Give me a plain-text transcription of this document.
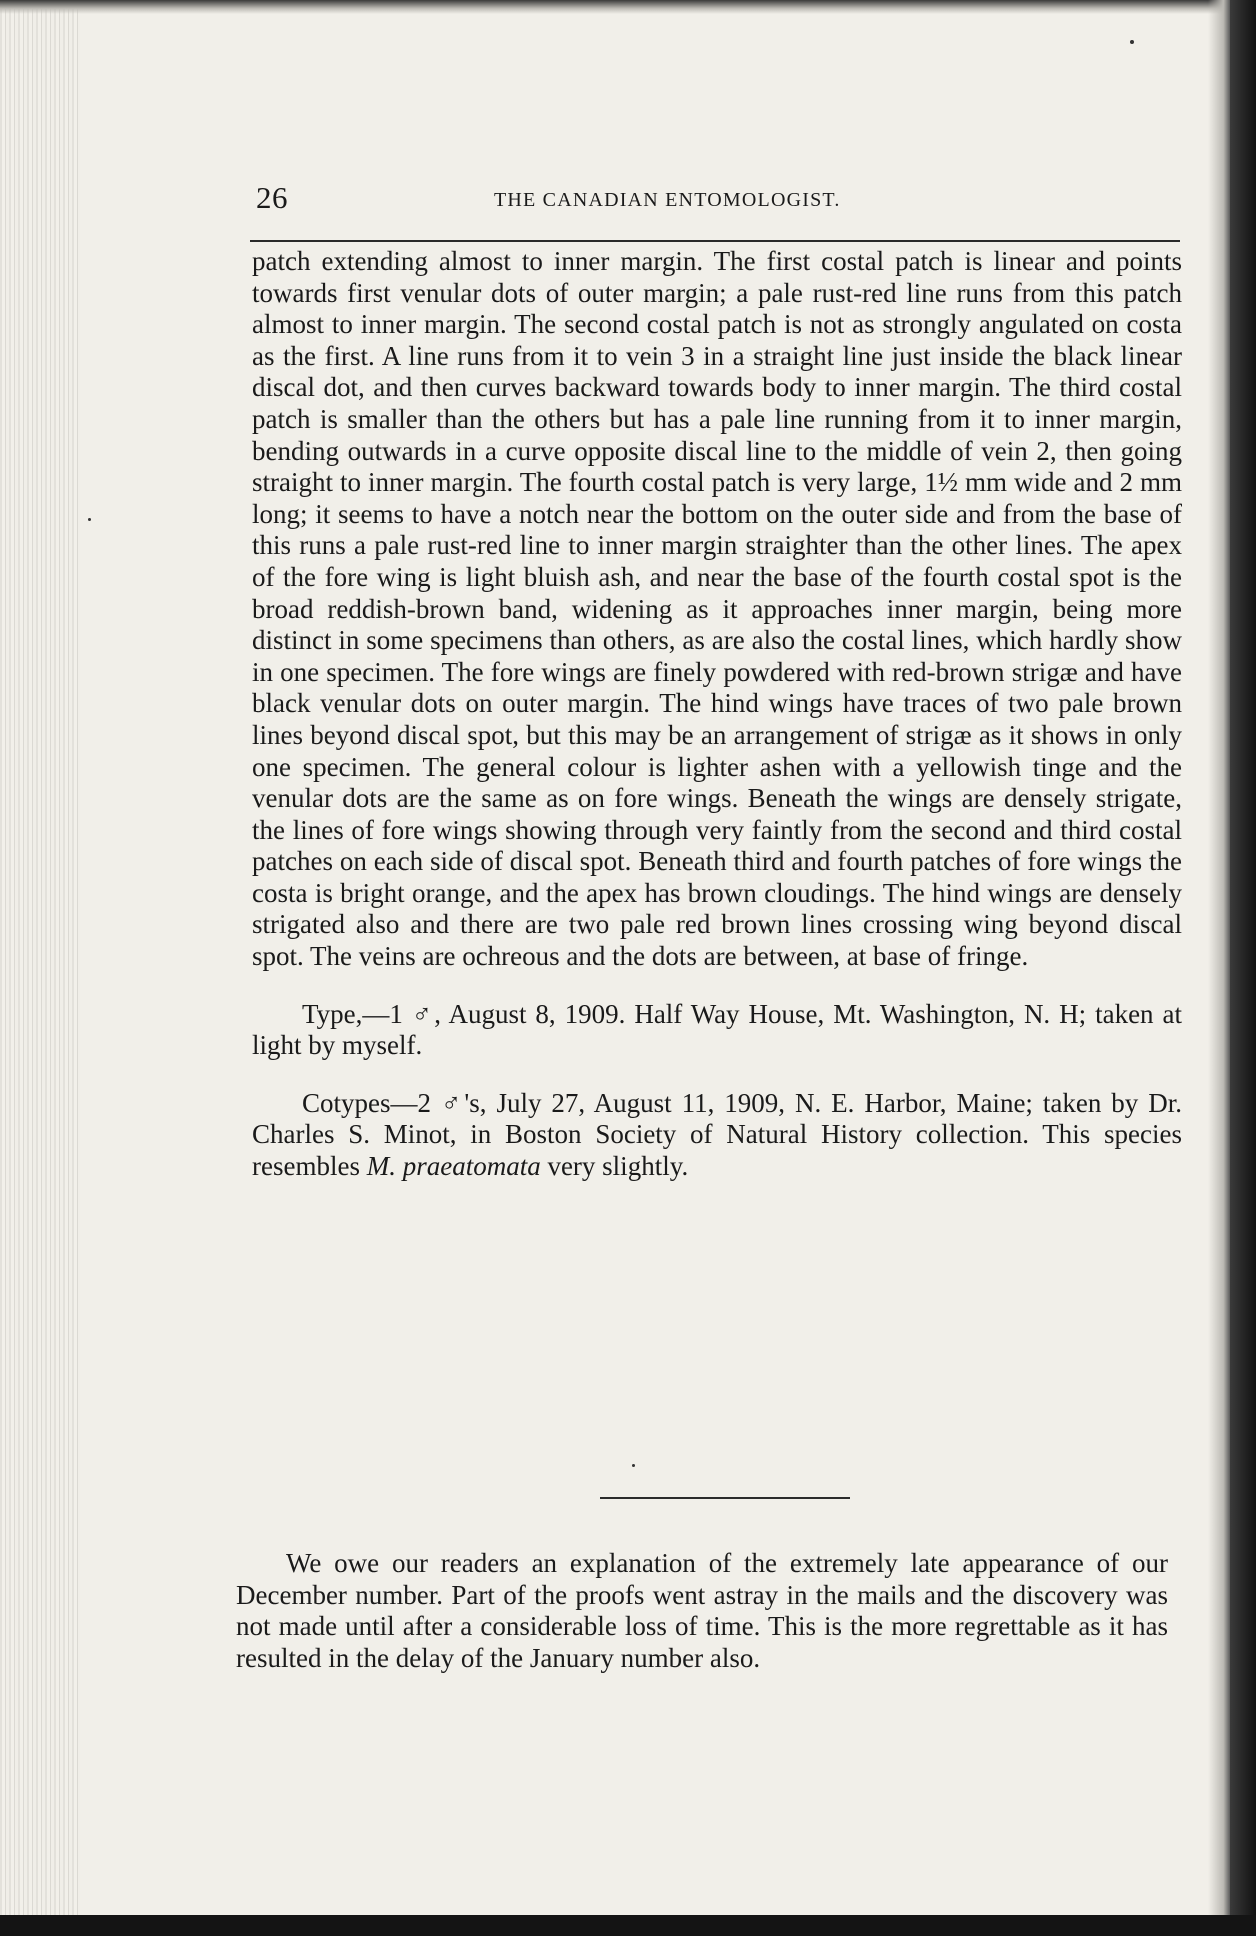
26	THE CANADIAN ENTOMOLOGIST.

patch extending almost to inner margin. The first costal patch is linear and points towards first venular dots of outer margin; a pale rust-red line runs from this patch almost to inner margin. The second costal patch is not as strongly angulated on costa as the first. A line runs from it to vein 3 in a straight line just inside the black linear discal dot, and then curves backward towards body to inner margin. The third costal patch is smaller than the others but has a pale line running from it to inner margin, bending outwards in a curve opposite discal line to the middle of vein 2, then going straight to inner margin. The fourth costal patch is very large, 1½ mm wide and 2 mm long; it seems to have a notch near the bottom on the outer side and from the base of this runs a pale rust-red line to inner margin straighter than the other lines. The apex of the fore wing is light bluish ash, and near the base of the fourth costal spot is the broad reddish-brown band, widening as it approaches inner margin, being more distinct in some specimens than others, as are also the costal lines, which hardly show in one specimen. The fore wings are finely powdered with red-brown strigæ and have black venular dots on outer margin. The hind wings have traces of two pale brown lines beyond discal spot, but this may be an arrangement of strigæ as it shows in only one specimen. The general colour is lighter ashen with a yellowish tinge and the venular dots are the same as on fore wings. Beneath the wings are densely strigate, the lines of fore wings showing through very faintly from the second and third costal patches on each side of discal spot. Beneath third and fourth patches of fore wings the costa is bright orange, and the apex has brown cloudings. The hind wings are densely strigated also and there are two pale red brown lines crossing wing beyond discal spot. The veins are ochreous and the dots are between, at base of fringe.

Type,—1 ♂, August 8, 1909. Half Way House, Mt. Washington, N. H; taken at light by myself.

Cotypes—2 ♂'s, July 27, August 11, 1909, N. E. Harbor, Maine; taken by Dr. Charles S. Minot, in Boston Society of Natural History collection. This species resembles M. praeatomata very slightly.

We owe our readers an explanation of the extremely late appearance of our December number. Part of the proofs went astray in the mails and the discovery was not made until after a considerable loss of time. This is the more regrettable as it has resulted in the delay of the January number also.
